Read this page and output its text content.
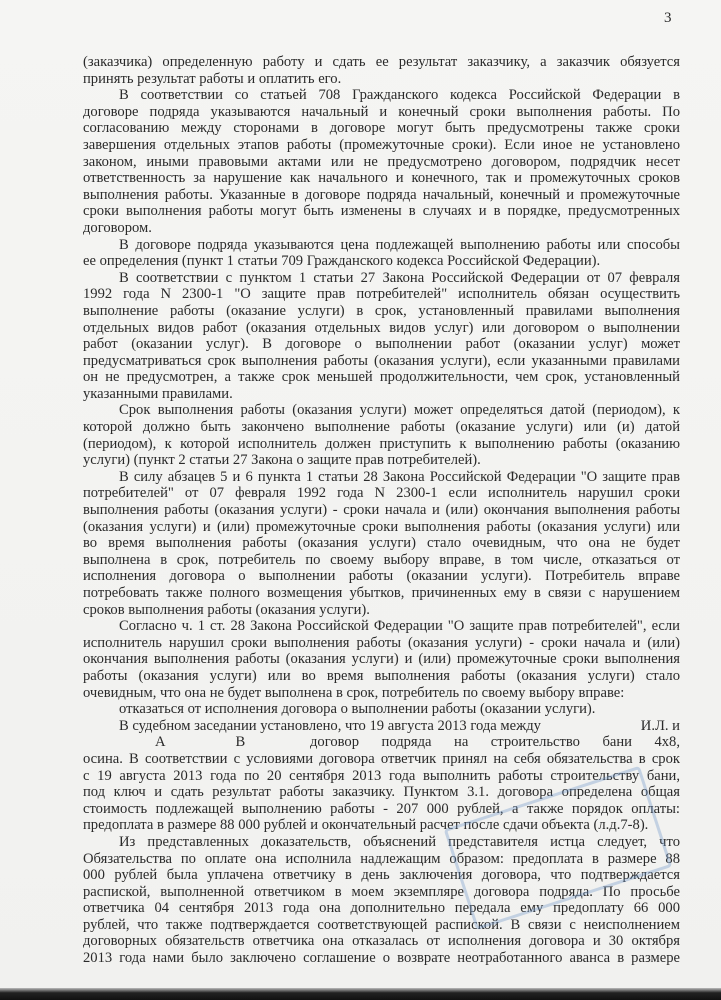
3
(заказчика) определенную работу и сдать ее результат заказчику, а заказчик обязуется
принять результат работы и оплатить его.
В соответствии со статьей 708 Гражданского кодекса Российской Федерации в
договоре подряда указываются начальный и конечный сроки выполнения работы. По
согласованию между сторонами в договоре могут быть предусмотрены также сроки
завершения отдельных этапов работы (промежуточные сроки). Если иное не установлено
законом, иными правовыми актами или не предусмотрено договором, подрядчик несет
ответственность за нарушение как начального и конечного, так и промежуточных сроков
выполнения работы. Указанные в договоре подряда начальный, конечный и промежуточные
сроки выполнения работы могут быть изменены в случаях и в порядке, предусмотренных
договором.
В договоре подряда указываются цена подлежащей выполнению работы или способы
ее определения (пункт 1 статьи 709 Гражданского кодекса Российской Федерации).
В соответствии с пунктом 1 статьи 27 Закона Российской Федерации от 07 февраля
1992 года N 2300-1 "О защите прав потребителей" исполнитель обязан осуществить
выполнение работы (оказание услуги) в срок, установленный правилами выполнения
отдельных видов работ (оказания отдельных видов услуг) или договором о выполнении
работ (оказании услуг). В договоре о выполнении работ (оказании услуг) может
предусматриваться срок выполнения работы (оказания услуги), если указанными правилами
он не предусмотрен, а также срок меньшей продолжительности, чем срок, установленный
указанными правилами.
Срок выполнения работы (оказания услуги) может определяться датой (периодом), к
которой должно быть закончено выполнение работы (оказание услуги) или (и) датой
(периодом), к которой исполнитель должен приступить к выполнению работы (оказанию
услуги) (пункт 2 статьи 27 Закона о защите прав потребителей).
В силу абзацев 5 и 6 пункта 1 статьи 28 Закона Российской Федерации "О защите прав
потребителей" от 07 февраля 1992 года N 2300-1 если исполнитель нарушил сроки
выполнения работы (оказания услуги) - сроки начала и (или) окончания выполнения работы
(оказания услуги) и (или) промежуточные сроки выполнения работы (оказания услуги) или
во время выполнения работы (оказания услуги) стало очевидным, что она не будет
выполнена в срок, потребитель по своему выбору вправе, в том числе, отказаться от
исполнения договора о выполнении работы (оказании услуги). Потребитель вправе
потребовать также полного возмещения убытков, причиненных ему в связи с нарушением
сроков выполнения работы (оказания услуги).
Согласно ч. 1 ст. 28 Закона Российской Федерации "О защите прав потребителей", если
исполнитель нарушил сроки выполнения работы (оказания услуги) - сроки начала и (или)
окончания выполнения работы (оказания услуги) и (или) промежуточные сроки выполнения
работы (оказания услуги) или во время выполнения работы (оказания услуги) стало
очевидным, что она не будет выполнена в срок, потребитель по своему выбору вправе:
отказаться от исполнения договора о выполнении работы (оказании услуги).
В судебном заседании установлено, что 19 августа 2013 года между	И.Л. и
А	В	договор подряда на строительство бани 4х8,
осина. В соответствии с условиями договора ответчик принял на себя обязательства в срок
с 19 августа 2013 года по 20 сентября 2013 года выполнить работы строительству бани,
под ключ и сдать результат работы заказчику. Пунктом 3.1. договора определена общая
стоимость подлежащей выполнению работы - 207 000 рублей, а также порядок оплаты:
предоплата в размере 88 000 рублей и окончательный расчет после сдачи объекта (л.д.7-8).
Из представленных доказательств, объяснений представителя истца следует, что
Обязательства по оплате она исполнила надлежащим образом: предоплата в размере 88
000 рублей была уплачена ответчику в день заключения договора, что подтверждается
распиской, выполненной ответчиком в моем экземпляре договора подряда. По просьбе
ответчика 04 сентября 2013 года она дополнительно передала ему предоплату 66 000
рублей, что также подтверждается соответствующей распиской. В связи с неисполнением
договорных обязательств ответчика она отказалась от исполнения договора и 30 октября
2013 года нами было заключено соглашение о возврате неотработанного аванса в размере
